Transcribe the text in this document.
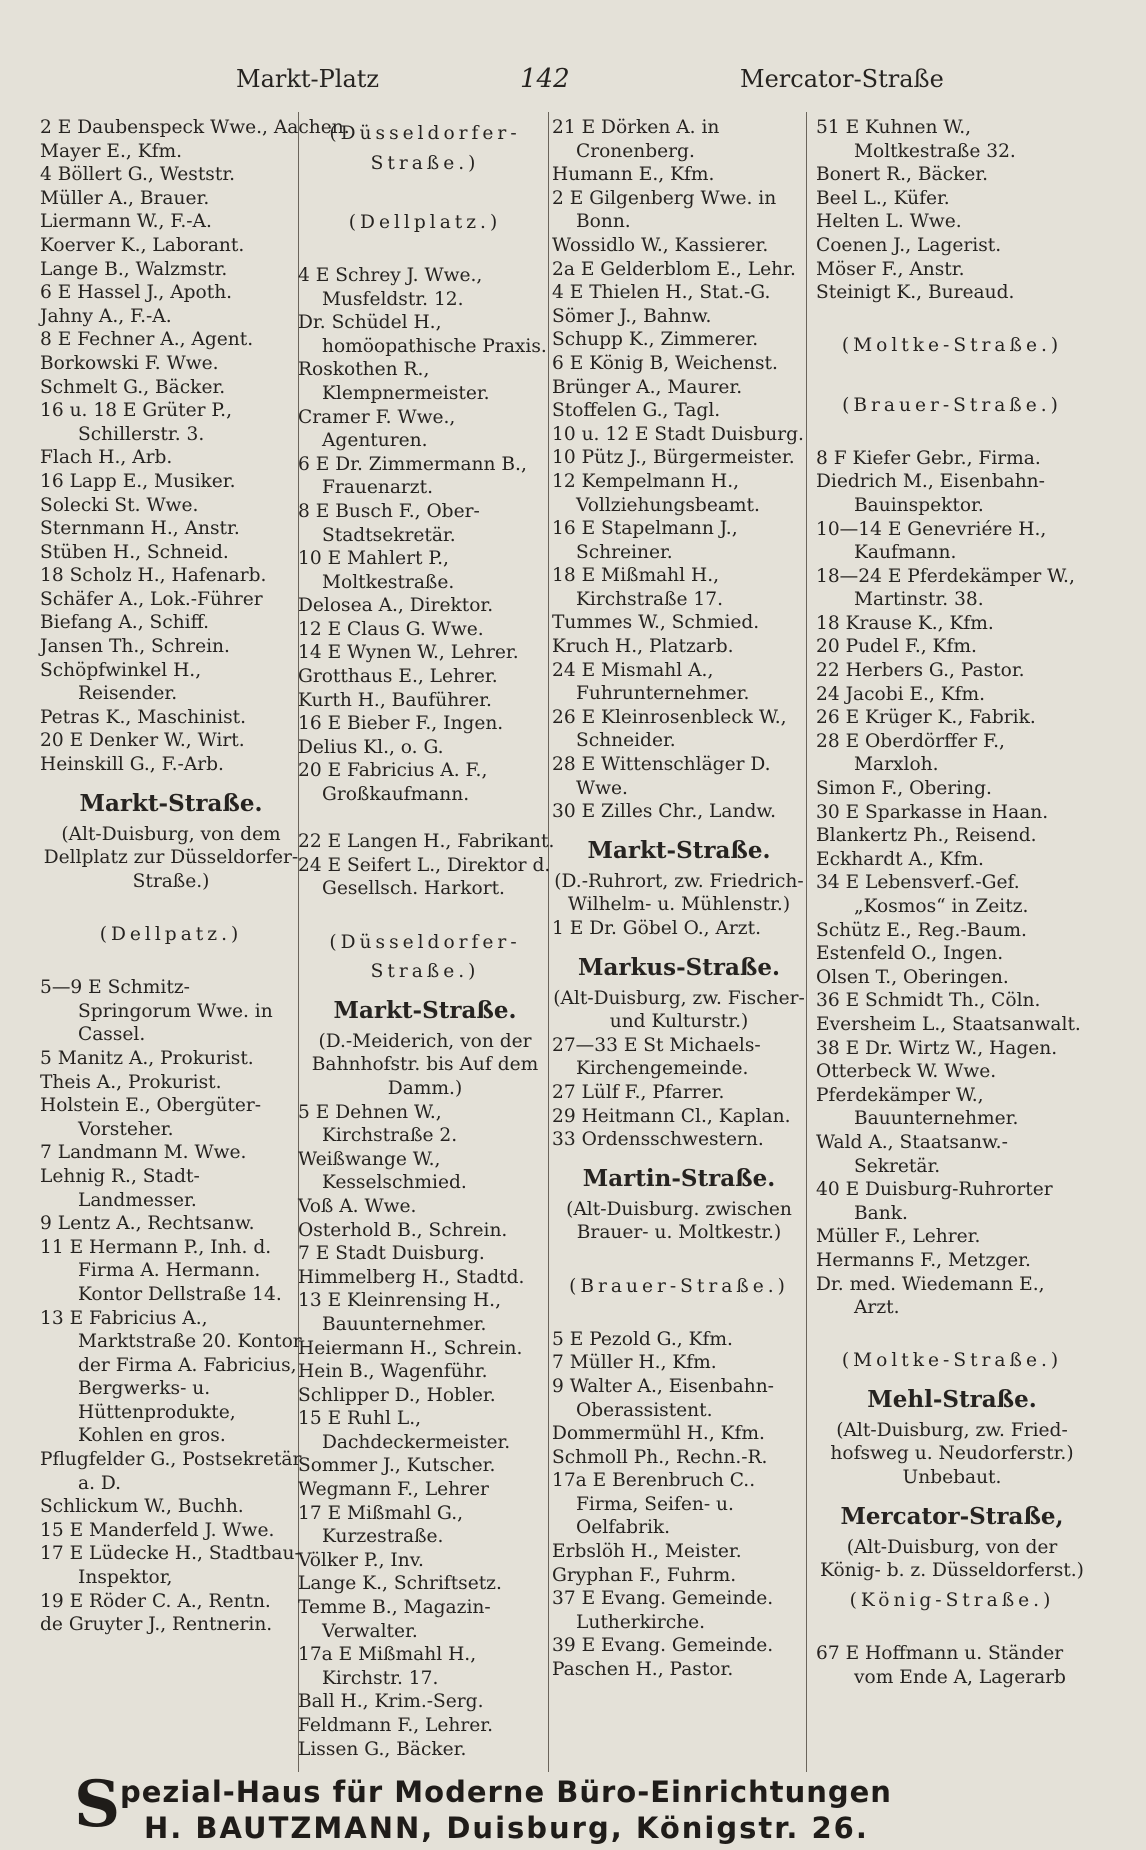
Markt-Platz	142	Mercator-Straße
2 E Daubenspeck Wwe., Aachen.
Mayer E., Kfm.
4 Böllert G., Weststr.
Müller A., Brauer.
Liermann W., F.-A.
Koerver K., Laborant.
Lange B., Walzmstr.
6 E Hassel J., Apoth.
Jahny A., F.-A.
8 E Fechner A., Agent.
Borkowski F. Wwe.
Schmelt G., Bäcker.
16 u. 18 E Grüter P., Schillerstr. 3.
Flach H., Arb.
16 Lapp E., Musiker.
Solecki St. Wwe.
Sternmann H., Anstr.
Stüben H., Schneid.
18 Scholz H., Hafenarb.
Schäfer A., Lok.-Führer
Biefang A., Schiff.
Jansen Th., Schrein.
Schöpfwinkel H., Reisender.
Petras K., Maschinist.
20 E Denker W., Wirt.
Heinskill G., F.-Arb.
Markt-Straße.
(Alt-Duisburg, von dem
Dellplatz zur Düsseldorfer-
Straße.)
(Dellpatz.)
5—9 E Schmitz-Springorum Wwe. in Cassel.
5 Manitz A., Prokurist.
Theis A., Prokurist.
Holstein E., Obergüter-Vorsteher.
7 Landmann M. Wwe.
Lehnig R., Stadt-Landmesser.
9 Lentz A., Rechtsanw.
11 E Hermann P., Inh. d. Firma A. Hermann. Kontor Dellstraße 14.
13 E Fabricius A., Marktstraße 20. Kontor der Firma A. Fabricius, Bergwerks- u. Hüttenprodukte, Kohlen en gros.
Pflugfelder G., Postsekretär a. D.
Schlickum W., Buchh.
15 E Manderfeld J. Wwe.
17 E Lüdecke H., Stadtbau-Inspektor,
19 E Röder C. A., Rentn.
de Gruyter J., Rentnerin.
(Düsseldorfer-
Straße.)
(Dellplatz.)
4 E Schrey J. Wwe., Musfeldstr. 12.
Dr. Schüdel H., homöopathische Praxis.
Roskothen R., Klempnermeister.
Cramer F. Wwe., Agenturen.
6 E Dr. Zimmermann B., Frauenarzt.
8 E Busch F., Ober-Stadtsekretär.
10 E Mahlert P., Moltkestraße.
Delosea A., Direktor.
12 E Claus G. Wwe.
14 E Wynen W., Lehrer.
Grotthaus E., Lehrer.
Kurth H., Bauführer.
16 E Bieber F., Ingen.
Delius Kl., o. G.
20 E Fabricius A. F., Großkaufmann.
22 E Langen H., Fabrikant.
24 E Seifert L., Direktor d. Gesellsch. Harkort.
(Düsseldorfer-
Straße.)
Markt-Straße.
(D.-Meiderich, von der
Bahnhofstr. bis Auf dem
Damm.)
5 E Dehnen W., Kirchstraße 2.
Weißwange W., Kesselschmied.
Voß A. Wwe.
Osterhold B., Schrein.
7 E Stadt Duisburg.
Himmelberg H., Stadtd.
13 E Kleinrensing H., Bauunternehmer.
Heiermann H., Schrein.
Hein B., Wagenführ.
Schlipper D., Hobler.
15 E Ruhl L., Dachdeckermeister.
Sommer J., Kutscher.
Wegmann F., Lehrer
17 E Mißmahl G., Kurzestraße.
Völker P., Inv.
Lange K., Schriftsetz.
Temme B., Magazin-Verwalter.
17a E Mißmahl H., Kirchstr. 17.
Ball H., Krim.-Serg.
Feldmann F., Lehrer.
Lissen G., Bäcker.
21 E Dörken A. in Cronenberg.
Humann E., Kfm.
2 E Gilgenberg Wwe. in Bonn.
Wossidlo W., Kassierer.
2a E Gelderblom E., Lehr.
4 E Thielen H., Stat.-G.
Sömer J., Bahnw.
Schupp K., Zimmerer.
6 E König B, Weichenst.
Brünger A., Maurer.
Stoffelen G., Tagl.
10 u. 12 E Stadt Duisburg.
10 Pütz J., Bürgermeister.
12 Kempelmann H., Vollziehungsbeamt.
16 E Stapelmann J., Schreiner.
18 E Mißmahl H., Kirchstraße 17.
Tummes W., Schmied.
Kruch H., Platzarb.
24 E Mismahl A., Fuhrunternehmer.
26 E Kleinrosenbleck W., Schneider.
28 E Wittenschläger D. Wwe.
30 E Zilles Chr., Landw.
Markt-Straße.
(D.-Ruhrort, zw. Friedrich-
Wilhelm- u. Mühlenstr.)
1 E Dr. Göbel O., Arzt.
Markus-Straße.
(Alt-Duisburg, zw. Fischer-
und Kulturstr.)
27—33 E St Michaels-Kirchengemeinde.
27 Lülf F., Pfarrer.
29 Heitmann Cl., Kaplan.
33 Ordensschwestern.
Martin-Straße.
(Alt-Duisburg. zwischen
Brauer- u. Moltkestr.)
(Brauer-Straße.)
5 E Pezold G., Kfm.
7 Müller H., Kfm.
9 Walter A., Eisenbahn-Oberassistent.
Dommermühl H., Kfm.
Schmoll Ph., Rechn.-R.
17a E Berenbruch C.. Firma, Seifen- u. Oelfabrik.
Erbslöh H., Meister.
Gryphan F., Fuhrm.
37 E Evang. Gemeinde. Lutherkirche.
39 E Evang. Gemeinde.
Paschen H., Pastor.
51 E Kuhnen W., Moltkestraße 32.
Bonert R., Bäcker.
Beel L., Küfer.
Helten L. Wwe.
Coenen J., Lagerist.
Möser F., Anstr.
Steinigt K., Bureaud.
(Moltke-Straße.)
(Brauer-Straße.)
8 F Kiefer Gebr., Firma.
Diedrich M., Eisenbahn-Bauinspektor.
10—14 E Genevriére H., Kaufmann.
18—24 E Pferdekämper W., Martinstr. 38.
18 Krause K., Kfm.
20 Pudel F., Kfm.
22 Herbers G., Pastor.
24 Jacobi E., Kfm.
26 E Krüger K., Fabrik.
28 E Oberdörffer F., Marxloh.
Simon F., Obering.
30 E Sparkasse in Haan.
Blankertz Ph., Reisend.
Eckhardt A., Kfm.
34 E Lebensverf.-Gef. „Kosmos“ in Zeitz.
Schütz E., Reg.-Baum.
Estenfeld O., Ingen.
Olsen T., Oberingen.
36 E Schmidt Th., Cöln.
Eversheim L., Staatsanwalt.
38 E Dr. Wirtz W., Hagen.
Otterbeck W. Wwe.
Pferdekämper W., Bauunternehmer.
Wald A., Staatsanw.-Sekretär.
40 E Duisburg-Ruhrorter Bank.
Müller F., Lehrer.
Hermanns F., Metzger.
Dr. med. Wiedemann E., Arzt.
(Moltke-Straße.)
Mehl-Straße.
(Alt-Duisburg, zw. Fried-
hofsweg u. Neudorferstr.)
Unbebaut.
Mercator-Straße,
(Alt-Duisburg, von der
König- b. z. Düsseldorferst.)
(König-Straße.)
67 E Hoffmann u. Ständer vom Ende A, Lagerarb
S pezial-Haus für Moderne Büro-Einrichtungen
H. BAUTZMANN, Duisburg, Königstr. 26.
